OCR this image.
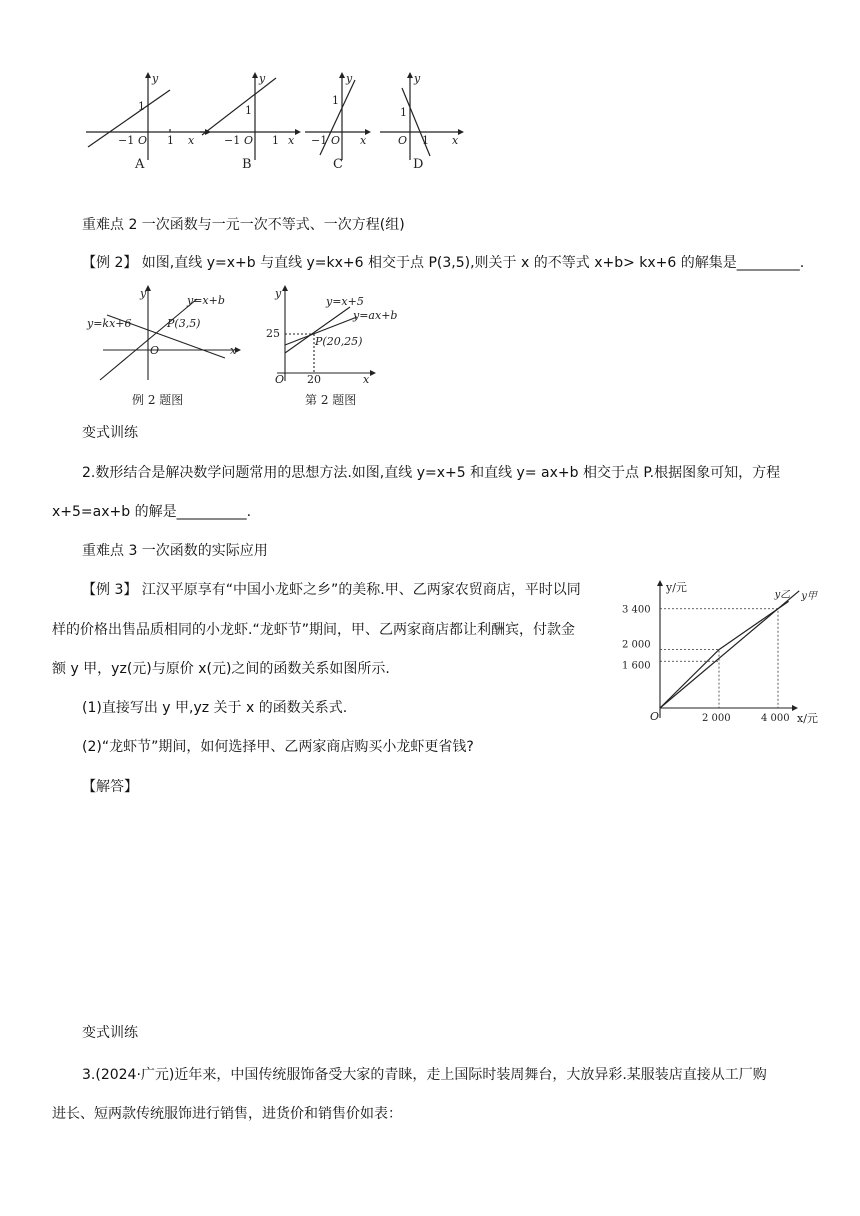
y
1
−1 O 1 x
A
y
1
−1 O 1 x
B
y
1
−1 O x
C
y
1
O 1 x
D
重难点 2 一次函数与一元一次不等式、一次方程(组)
【例 2】 如图,直线 y=x+b 与直线 y=kx+6 相交于点 P(3,5),则关于 x 的不等式 x+b> kx+6 的解集是_________.
y
y=x+b
y=kx+6	P(3,5)
O	x
例 2 题图
y
y=x+5
y=ax+b
25
P(20,25)
O 20	x
第 2 题图
变式训练
2.数形结合是解决数学问题常用的思想方法.如图,直线 y=x+5 和直线 y= ax+b 相交于点 P.根据图象可知，方程
x+5=ax+b 的解是__________.
重难点 3 一次函数的实际应用
【例 3】 江汉平原享有“中国小龙虾之乡”的美称.甲、乙两家农贸商店，平时以同
样的价格出售品质相同的小龙虾.“龙虾节”期间，甲、乙两家商店都让利酬宾，付款金
额 y 甲，yz(元)与原价 x(元)之间的函数关系如图所示.
(1)直接写出 y 甲,yz 关于 x 的函数关系式.
(2)“龙虾节”期间，如何选择甲、乙两家商店购买小龙虾更省钱?
【解答】
y/元
O	x/元
y乙 y甲
1 600
2 000
3 400
2 000	4 000
变式训练
3.(2024·广元)近年来，中国传统服饰备受大家的青睐，走上国际时装周舞台，大放异彩.某服装店直接从工厂购
进长、短两款传统服饰进行销售，进货价和销售价如表：
